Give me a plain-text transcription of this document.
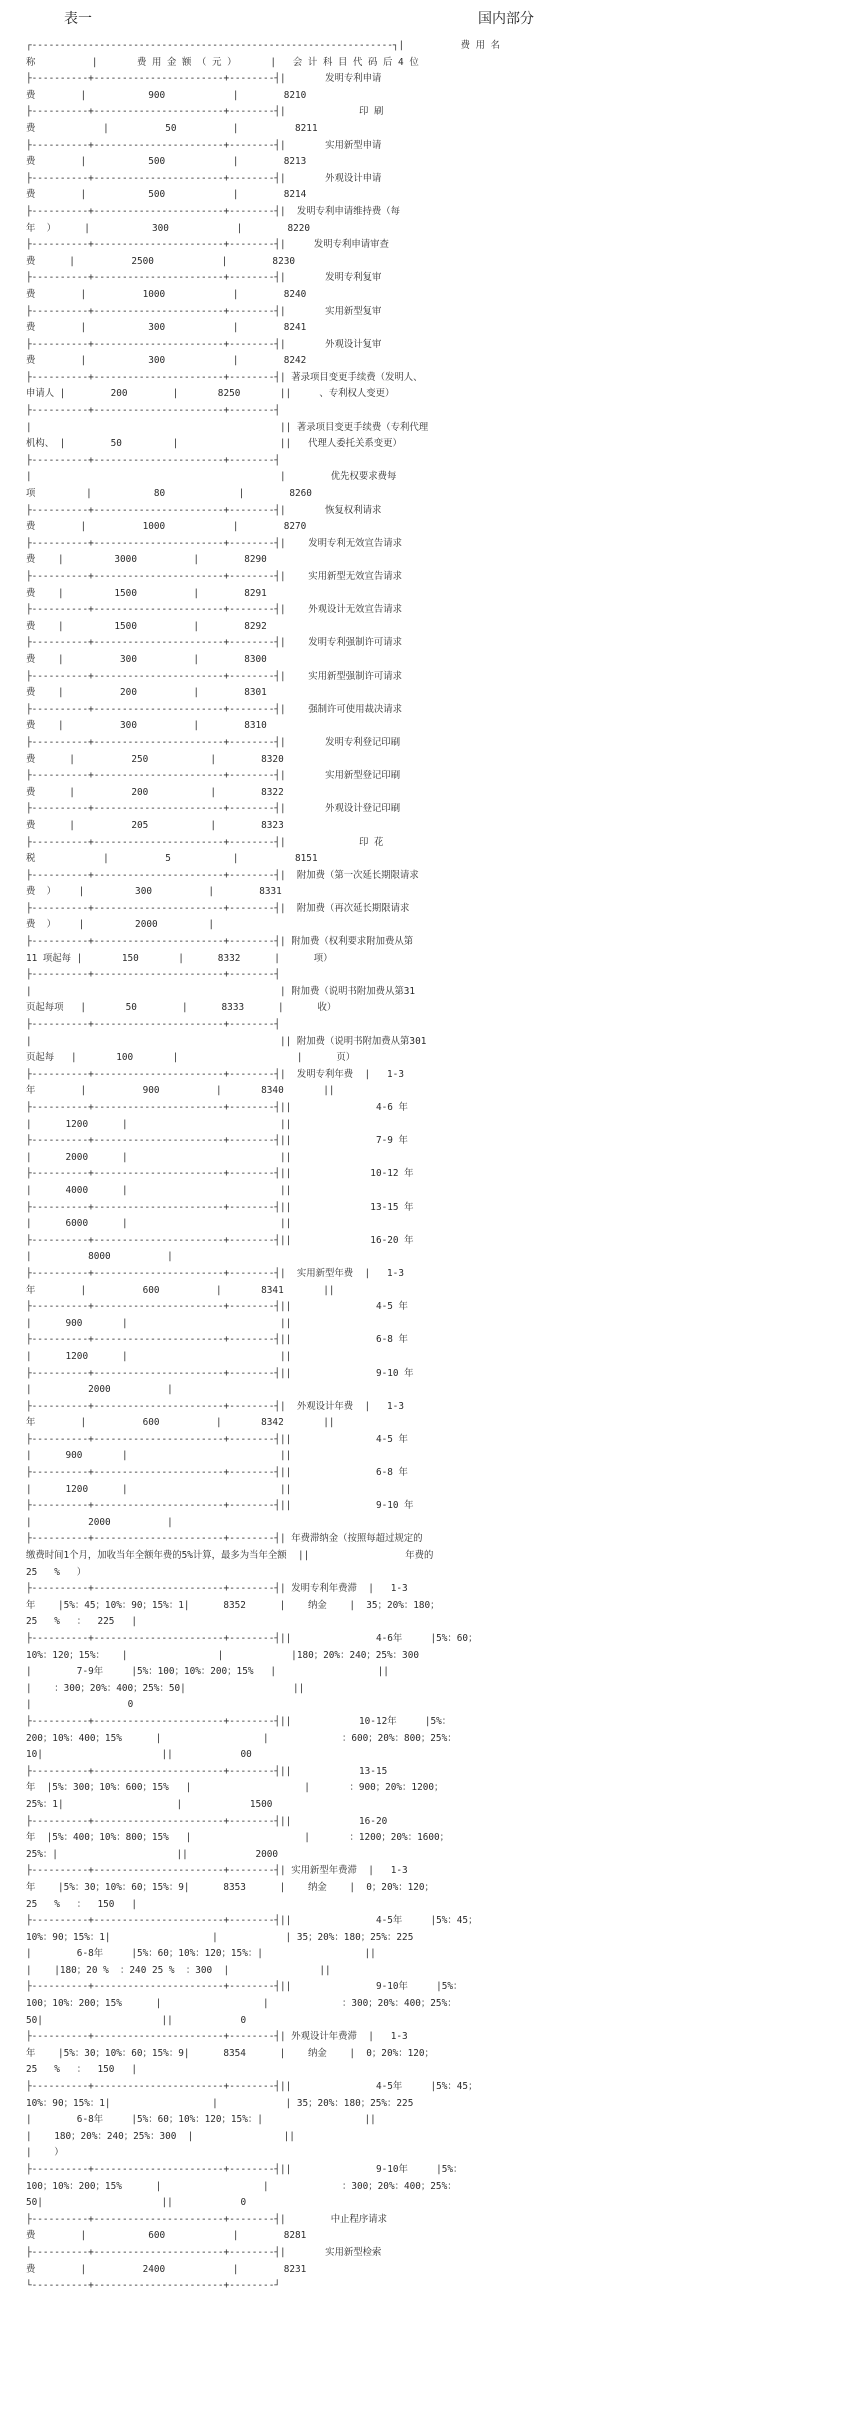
表一	国内部分
┌----------------------------------------------------------------┐|          费 用 名
称          |       费 用 金 额 （ 元 ）      |   会 计 科 目 代 码 后 4 位
├----------+-----------------------+--------┤|       发明专利申请
费        |           900            |        8210
├----------+-----------------------+--------┤|             印 刷
费            |          50          |          8211
├----------+-----------------------+--------┤|       实用新型申请
费        |           500            |        8213
├----------+-----------------------+--------┤|       外观设计申请
费        |           500            |        8214
├----------+-----------------------+--------┤|  发明专利申请维持费（每
年  ）     |           300            |        8220
├----------+-----------------------+--------┤|     发明专利申请审查
费      |          2500            |        8230
├----------+-----------------------+--------┤|       发明专利复审
费        |          1000            |        8240
├----------+-----------------------+--------┤|       实用新型复审
费        |           300            |        8241
├----------+-----------------------+--------┤|       外观设计复审
费        |           300            |        8242
├----------+-----------------------+--------┤| 著录项目变更手续费（发明人、
申请人 |        200        |       8250       ||     、专利权人变更）
├----------+-----------------------+--------┤
|                                            || 著录项目变更手续费（专利代理
机构、 |        50         |                  ||   代理人委托关系变更）
├----------+-----------------------+--------┤
|                                            |        优先权要求费每
项         |           80             |        8260
├----------+-----------------------+--------┤|       恢复权利请求
费        |          1000            |        8270
├----------+-----------------------+--------┤|    发明专利无效宣告请求
费    |         3000          |        8290
├----------+-----------------------+--------┤|    实用新型无效宣告请求
费    |         1500          |        8291
├----------+-----------------------+--------┤|    外观设计无效宣告请求
费    |         1500          |        8292
├----------+-----------------------+--------┤|    发明专利强制许可请求
费    |          300          |        8300
├----------+-----------------------+--------┤|    实用新型强制许可请求
费    |          200          |        8301
├----------+-----------------------+--------┤|    强制许可使用裁决请求
费    |          300          |        8310
├----------+-----------------------+--------┤|       发明专利登记印刷
费      |          250           |        8320
├----------+-----------------------+--------┤|       实用新型登记印刷
费      |          200           |        8322
├----------+-----------------------+--------┤|       外观设计登记印刷
费      |          205           |        8323
├----------+-----------------------+--------┤|             印 花
税            |          5           |          8151
├----------+-----------------------+--------┤|  附加费（第一次延长期限请求
费  ）    |         300          |        8331
├----------+-----------------------+--------┤|  附加费（再次延长期限请求
费  ）    |         2000         |
├----------+-----------------------+--------┤| 附加费（权利要求附加费从第
11 项起每 |       150       |      8332      |      项）
├----------+-----------------------+--------┤
|                                            | 附加费（说明书附加费从第31
页起每项   |       50        |      8333      |      收）
├----------+-----------------------+--------┤
|                                            || 附加费（说明书附加费从第301
页起每   |       100       |                     |      页）
├----------+-----------------------+--------┤|  发明专利年费  |   1-3
年        |          900          |       8340       ||
├----------+-----------------------+--------┤||               4-6 年
|      1200      |                           ||
├----------+-----------------------+--------┤||               7-9 年
|      2000      |                           ||
├----------+-----------------------+--------┤||              10-12 年
|      4000      |                           ||
├----------+-----------------------+--------┤||              13-15 年
|      6000      |                           ||
├----------+-----------------------+--------┤||              16-20 年
|          8000          |
├----------+-----------------------+--------┤|  实用新型年费  |   1-3
年        |          600          |       8341       ||
├----------+-----------------------+--------┤||               4-5 年
|      900       |                           ||
├----------+-----------------------+--------┤||               6-8 年
|      1200      |                           ||
├----------+-----------------------+--------┤||               9-10 年
|          2000          |
├----------+-----------------------+--------┤|  外观设计年费  |   1-3
年        |          600          |       8342       ||
├----------+-----------------------+--------┤||               4-5 年
|      900       |                           ||
├----------+-----------------------+--------┤||               6-8 年
|      1200      |                           ||
├----------+-----------------------+--------┤||               9-10 年
|          2000          |
├----------+-----------------------+--------┤| 年费滞纳金（按照每超过规定的
缴费时间1个月，加收当年全额年费的5%计算，最多为当年全额  ||                 年费的
25   %   ）
├----------+-----------------------+--------┤| 发明专利年费滞  |   1-3
年    |5%：45；10%：90；15%：1|      8352      |    纳金    |  35；20%：180；
25   %   ：  225   |
├----------+-----------------------+--------┤||               4-6年     |5%：60；
10%：120；15%：   |                |            |180；20%：240；25%：300
|        7-9年     |5%：100；10%：200；15%   |                  ||
|    ：300；20%：400；25%：50|                   ||
|                 0
├----------+-----------------------+--------┤||            10-12年     |5%：
200；10%：400；15%      |                  |             ：600；20%：800；25%：
10|                     ||            00
├----------+-----------------------+--------┤||            13-15
年  |5%：300；10%：600；15%   |                    |       ：900；20%：1200；
25%：1|                    |            1500
├----------+-----------------------+--------┤||            16-20
年  |5%：400；10%：800；15%   |                    |       ：1200；20%：1600；
25%：|                     ||            2000
├----------+-----------------------+--------┤| 实用新型年费滞  |   1-3
年    |5%：30；10%：60；15%：9|      8353      |    纳金    |  0；20%：120；
25   %   ：  150   |
├----------+-----------------------+--------┤||               4-5年     |5%：45；
10%：90；15%：1|                  |            | 35；20%：180；25%：225
|        6-8年     |5%：60；10%：120；15%：|                  ||
|    |180；20 %  ：240 25 %  ：300  |                ||
├----------+-----------------------+--------┤||               9-10年     |5%：
100；10%：200；15%      |                  |             ：300；20%：400；25%：
50|                     ||            0
├----------+-----------------------+--------┤| 外观设计年费滞  |   1-3
年    |5%：30；10%：60；15%：9|      8354      |    纳金    |  0；20%：120；
25   %   ：  150   |
├----------+-----------------------+--------┤||               4-5年     |5%：45；
10%：90；15%：1|                  |            | 35；20%：180；25%：225
|        6-8年     |5%：60；10%：120；15%：|                  ||
|    180；20%：240；25%：300  |                ||
|    ）
├----------+-----------------------+--------┤||               9-10年     |5%：
100；10%：200；15%      |                  |             ：300；20%：400；25%：
50|                     ||            0
├----------+-----------------------+--------┤|        中止程序请求
费        |           600            |        8281
├----------+-----------------------+--------┤|       实用新型检索
费        |          2400            |        8231
└----------+-----------------------+--------┘
